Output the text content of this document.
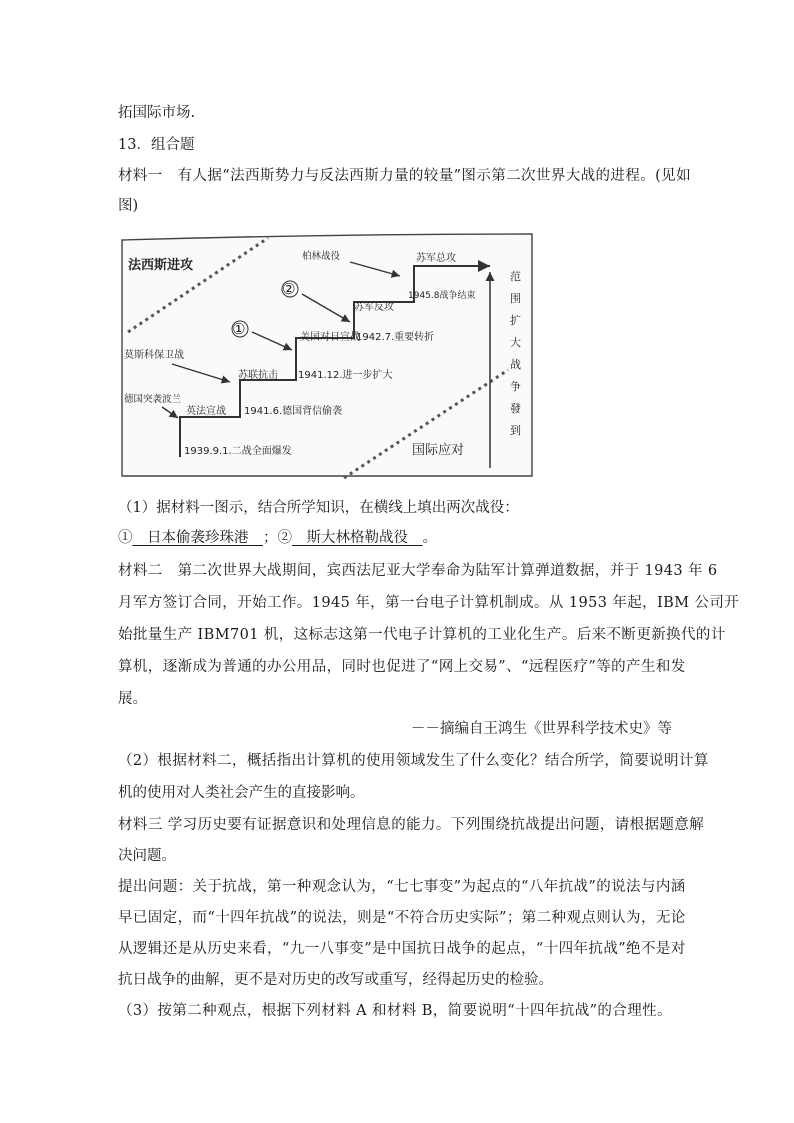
拓国际市场.
13．组合题
材料一　有人据“法西斯势力与反法西斯力量的较量”图示第二次世界大战的进程。(见如
图)
范
围
扩
大
战
争
發
到
法西斯进攻
柏林战役	苏军总攻
②	1945.8战争结束
苏军反攻
①	美国对日宣战
1942.7.重要转折
莫斯科保卫战
苏联抗击 1941.12.进一步扩大
德国突袭波兰
英法宣战 1941.6.德国背信偷袭
1939.9.1.二战全面爆发	国际应对
（1）据材料一图示，结合所学知识，在横线上填出两次战役：
①　日本偷袭珍珠港　；②　斯大林格勒战役　。
材料二　第二次世界大战期间，宾西法尼亚大学奉命为陆军计算弹道数据，并于 1943 年 6
月军方签订合同，开始工作。1945 年，第一台电子计算机制成。从 1953 年起，IBM 公司开
始批量生产 IBM701 机，这标志这第一代电子计算机的工业化生产。后来不断更新换代的计
算机，逐渐成为普通的办公用品，同时也促进了“网上交易”、“远程医疗”等的产生和发
展。
－－摘编自王鸿生《世界科学技术史》等
（2）根据材料二，概括指出计算机的使用领域发生了什么变化？结合所学，简要说明计算
机的使用对人类社会产生的直接影响。
材料三 学习历史要有证据意识和处理信息的能力。下列围绕抗战提出问题，请根据题意解
决问题。
提出问题：关于抗战，第一种观念认为，“七七事变”为起点的“八年抗战”的说法与内涵
早已固定，而“十四年抗战”的说法，则是“不符合历史实际”；第二种观点则认为，无论
从逻辑还是从历史来看，“九一八事变”是中国抗日战争的起点，“十四年抗战”绝不是对
抗日战争的曲解，更不是对历史的改写或重写，经得起历史的检验。
（3）按第二种观点，根据下列材料 A 和材料 B，简要说明“十四年抗战”的合理性。
